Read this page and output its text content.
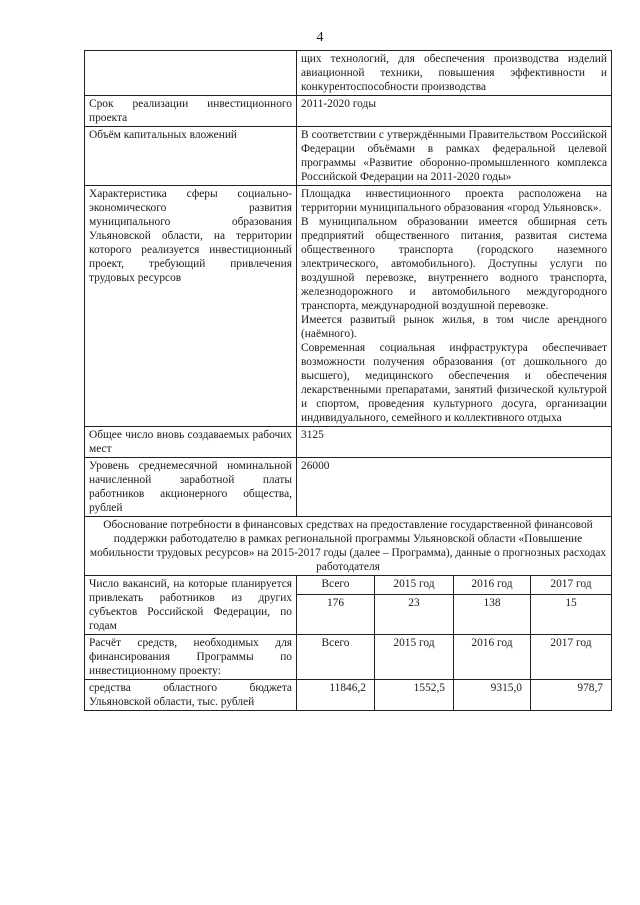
4
	щих технологий, для обеспечения производства изделий авиационной техники, повышения эффективности и конкурентоспособности производства			
Срок реализации инвестиционного проекта	2011-2020 годы			
Объём капитальных вложений	В соответствии с утверждёнными Правительством Российской Федерации объёмами в рамках федеральной целевой программы «Развитие оборонно-промышленного комплекса Российской Федерации на 2011-2020 годы»			
Характеристика сферы социально-экономического развития муниципального образования Ульяновской области, на территории которого реализуется инвестиционный проект, требующий привлечения трудовых ресурсов	Площадка инвестиционного проекта расположена на территории муниципального образования «город Ульяновск».

В муниципальном образовании имеется обширная сеть предприятий общественного питания, развитая система общественного транспорта (городского наземного электрического, автомобильного). Доступны услуги по воздушной перевозке, внутреннего водного транспорта, железнодорожного и автомобильного междугородного транспорта, международной воздушной перевозке.

Имеется развитый рынок жилья, в том числе арендного (наёмного).

Современная социальная инфраструктура обеспечивает возможности получения образования (от дошкольного до высшего), медицинского обеспечения и обеспечения лекарственными препаратами, занятий физической культурой и спортом, проведения культурного досуга, организации индивидуального, семейного и коллективного отдыха			

Общее число вновь создаваемых рабочих мест	3125			
Уровень среднемесячной номинальной начисленной заработной платы работников акционерного общества, рублей	26000			
Обоснование потребности в финансовых средствах на предоставление государственной финансовой поддержки работодателю в рамках региональной программы Ульяновской области «Повышение мобильности трудовых ресурсов» на 2015-2017 годы (далее – Программа), данные о прогнозных расходах работодателя				
Число вакансий, на которые планируется привлекать работников из других субъектов Российской Федерации, по годам	Всего	2015 год	2016 год	2017 год
	176	23	138	15
Расчёт средств, необходимых для финансирования Программы по инвестиционному проекту:	Всего	2015 год	2016 год	2017 год
средства областного бюджета Ульяновской области, тыс. рублей	11846,2	1552,5	9315,0	978,7
